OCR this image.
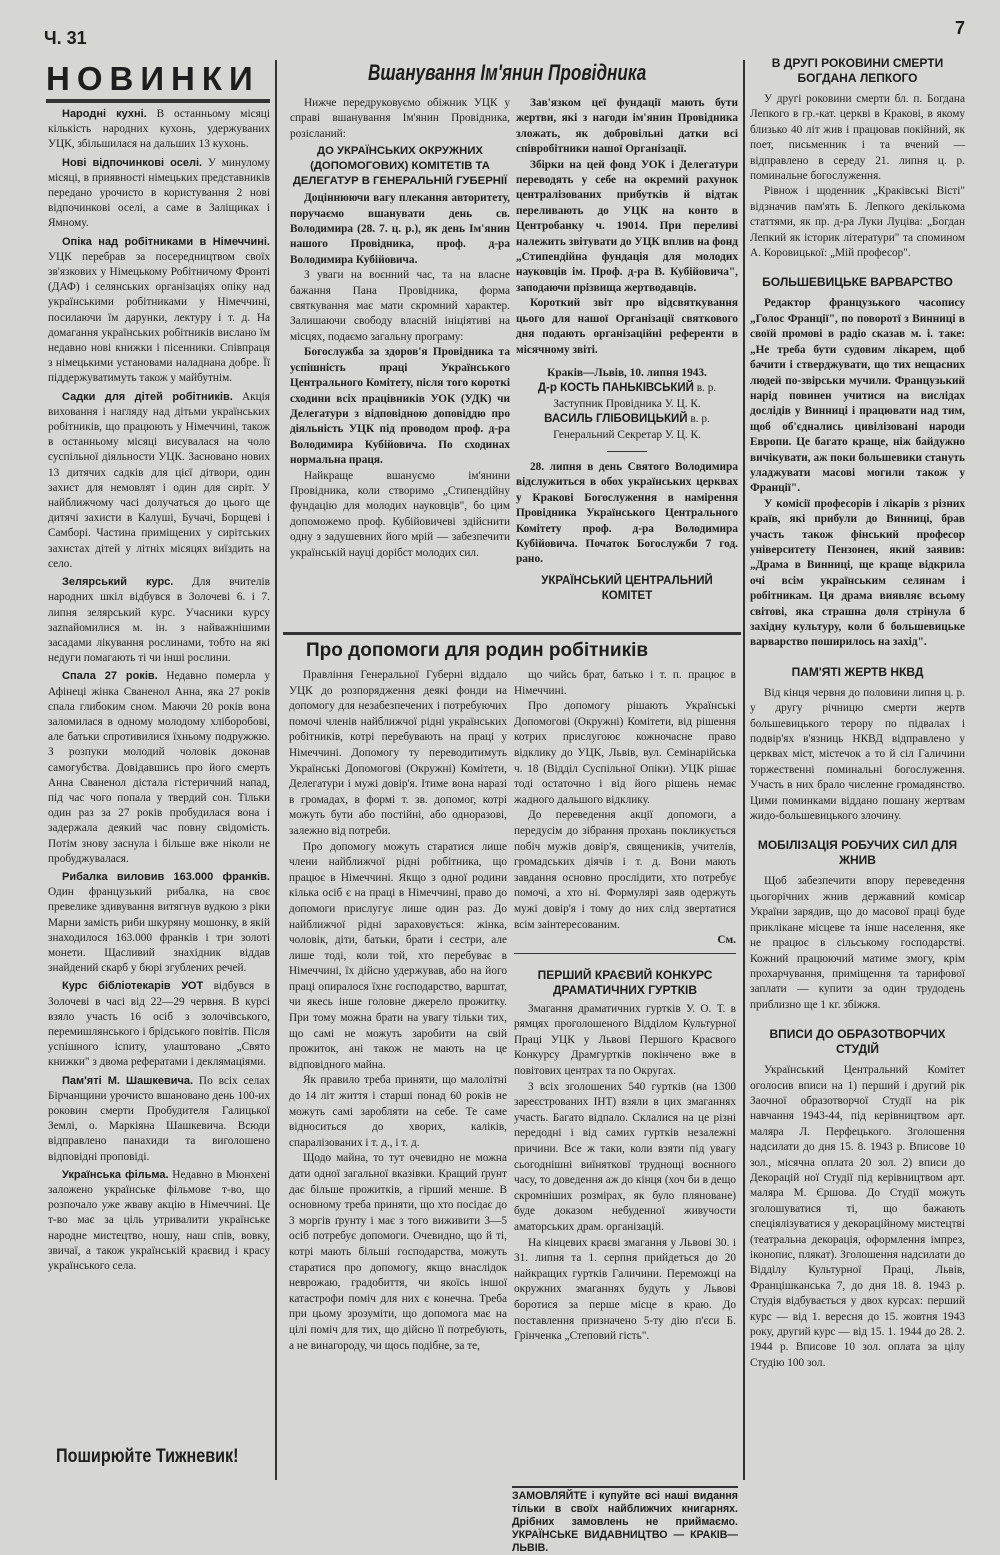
Ч. 31	7
НОВИНКИ

Народні кухні. В останньому місяці кількість народних кухонь, удержуваних УЦК, збільшилася на дальших 13 кухонь.

Нові відпочинкові оселі. У минулому місяці, в приявності німецьких представників передано урочисто в користування 2 нові відпочинкові оселі, а саме в Заліщиках і Ямному.

Опіка над робітниками в Німеччині. УЦК перебрав за посередництвом своїх зв'язкових у Німецькому Робітничому Фронті (ДАФ) і селянських організаціях опіку над українськими робітниками у Німеччині, посилаючи їм дарунки, лектуру і т. д. На домагання українських робітників вислано їм недавно нові книжки і пісенники. Співпраця з німецькими установами наладнана добре. Її піддержуватимуть також у майбутнім.

Садки для дітей робітників. Акція виховання і нагляду над дітьми українських робітників, що працюють у Німеччині, також в останньому місяці висувалася на чоло суспільної діяльности УЦК. Засновано нових 13 дитячих садків для цієї дітвори, один захист для немовлят і один для сиріт. У найближчому часі долучаться до цього ще дитячі захисти в Калуші, Бучачі, Борщеві і Самборі. Частина приміщених у сирітських захистах дітей у літніх місяцях виїздить на село.

Зелярський курс. Для вчителів народних шкіл відбувся в Золочеві 6. і 7. липня зелярський курс. Учасники курсу заznайомилися м. ін. з найважнішими засадами лікування рослинами, тобто на які недуги помагають ті чи інші рослини.

Спала 27 років. Недавно померла у Афінеці жінка Сваненол Анна, яка 27 років спала глибоким сном. Маючи 20 років вона заломилася в одному молодому хліборобові, але батьки спротивилися їхньому подружжю. З розпуки молодий чоловік доконав самогубства. Довідавшись про його смерть Анна Сваненол дістала гістеричний напад, під час чого попала у твердий сон. Тільки один раз за 27 років пробудилася вона і задержала деякий час повну свідомість. Потім знову заснула і більше вже ніколи не пробуджувалася.

Рибалка виловив 163.000 франків. Один французький рибалка, на своє превелике здивування витягнув вудкою з ріки Марни замість риби шкуряну мошонку, в якій знаходилося 163.000 франків і три золоті монети. Щасливий знахідник віддав знайдений скарб у бюрі згублених речей.

Курс бібліотекарів УОТ відбувся в Золочеві в часі від 22—29 червня. В курсі взяло участь 16 осіб з золочівського, перемишлянського і брідського повітів. Після успішного іспиту, улаштовано „Свято книжки" з двома рефератами і деклямаціями.

Пам'яті М. Шашкевича. По всіх селах Бірчанщини урочисто вшановано день 100-их роковин смерти Пробудителя Галицької Землі, о. Маркіяна Шашкевича. Всюди відправлено панахиди та виголошено відповідні проповіді.

Українська фільма. Недавно в Мюнхені заложено українське фільмове т-во, що розпочало уже жваву акцію в Німеччині. Це т-во має за ціль утривалити українське народне мистецтво, ношу, наш спів, вовку, звичаї, а також українській краєвид і красу українського села.

Поширюйте Тижневик!
Вшанування Ім'янин Провідника

Нижче передруковуємо обіжник УЦК у справі вшанування Ім'янин Провідника, розісланий:

ДО УКРАЇНСЬКИХ ОКРУЖНИХ (ДОПОМОГОВИХ) КОМІТЕТІВ ТА ДЕЛЕГАТУР В ГЕНЕРАЛЬНІЙ ГУБЕРНІЇ

Доціннюючи вагу плекання авторитету, поручаємо вшанувати день св. Володимира (28. 7. ц. р.), як день Ім'янин нашого Провідника, проф. д-ра Володимира Кубійовича.

З уваги на воєнний час, та на власне бажання Пана Провідника, форма святкування має мати скромний характер. Залишаючи свободу власній ініціятиві на місцях, подаємо загальну програму:

Богослужба за здоров'я Провідника та успішність праці Українського Центрального Комітету, після того короткі сходини всіх працівників УОК (УДК) чи Делегатури з відповідною доповіддю про діяльність УЦК під проводом проф. д-ра Володимира Кубійовича. По сходинах нормальна праця.

Найкраще вшануємо ім'янини Провідника, коли створимо „Стипендійну фундацію для молодих науковців", бо цим допоможемо проф. Кубійовичеві здійснити одну з задушевних його мрій — забезпечити українській науці дорібст молодих сил.

Зав'язком цеї фундації мають бути жертви, які з нагоди ім'янин Провідника зложать, як добровільні датки всі співробітники нашої Організації.

Збірки на цей фонд УОК і Делегатури переводять у себе на окремий рахунок централізованих прибутків й відтак переливають до УЦК на конто в Центробанку ч. 19014. При переливі належить звітувати до УЦК вплив на фонд „Стипендійна фундація для молодих науковців ім. Проф. д-ра В. Кубійовича", заподаючи прізвища жертводавців.

Короткий звіт про відсвяткування цього для нашої Організації святкового дня подають організаційні референти в місячному звіті.

Краків—Львів, 10. липня 1943.

Д-р КОСТЬ ПАНЬКІВСЬКИЙ в. р.
Заступник Провідника У. Ц. К.
ВАСИЛЬ ГЛІБОВИЦЬКИЙ в. р.
Генеральний Секретар У. Ц. К.

28. липня в день Святого Володимира відслужиться в обох українських церквах у Кракові Богослуження в намірення Провідника Українського Центрального Комітету проф. д-ра Володимира Кубійовича. Початок Богослужби 7 год. рано.

УКРАЇНСЬКИЙ ЦЕНТРАЛЬНИЙ КОМІТЕТ
Про допомоги для родин робітників

Правління Генеральної Губерні віддало УЦК до розпорядження деякі фонди на допомогу для незабезпечених і потребуючих помочі членів найближчої рідні українських робітників, котрі перебувають на праці у Німеччині. Допомогу ту переводитимуть Українські Допомогові (Окружні) Комітети, Делегатури і мужі довір'я. Ітиме вона наразі в громадах, в формі т. зв. допомог, котрі можуть бути або постійні, або одноразові, залежно від потреби.

Про допомогу можуть старатися лише члени найближчої рідні робітника, що працює в Німеччині. Якщо з одної родини кілька осіб є на праці в Німеччині, право до допомоги прислугує лише один раз. До найближчої рідні зараховується: жінка, чоловік, діти, батьки, брати і сестри, але лише тоді, коли той, хто перебуває в Німеччині, їх дійсно удержував, або на його праці опиралося їхнє господарство, варштат, чи якесь інше головне джерело прожитку. При тому можна брати на увагу тільки тих, що самі не можуть заробити на свій прожиток, ані також не мають на це відповідного майна.

Як правило треба приняти, що малолітні до 14 літ життя і старші понад 60 років не можуть самі заробляти на себе. Те саме відноситься до хворих, каліків, спаралізованих і т. д., і т. д.

Щодо майна, то тут очевидно не можна дати одної загальної вказівки. Кращий ґрунт дає більше прожитків, а гірший менше. В основному треба приняти, що хто посідає до 3 моргів ґрунту і має з того виживити 3—5 осіб потребує допомоги. Очевидно, що й ті, котрі мають більші господарства, можуть старатися про допомогу, якщо внаслідок неврожаю, градобиття, чи якоїсь іншої катастрофи поміч для них є конечна. Треба при цьому зрозуміти, що допомога має на цілі поміч для тих, що дійсно її потребують, а не винагороду, чи щось подібне, за те,

що чийсь брат, батько і т. п. працює в Німеччині.

Про допомогу рішають Українські Допомогові (Окружні) Комітети, від рішення котрих прислугоює кожночасне право відклику до УЦК, Львів, вул. Семінарійська ч. 18 (Відділ Суспільної Опіки). УЦК рішає тоді остаточно і від його рішень немає жадного дальшого відклику.

До переведення акції допомоги, а передусім до зібрання прохань покликується побіч мужів довір'я, священиків, учителів, громадських діячів і т. д. Вони мають завдання основно прослідити, хто потребує помочі, а хто ні. Формулярі заяв одержуть мужі довір'я і тому до них слід звертатися всім заінтересованим.

См.

ПЕРШИЙ КРАЄВИЙ КОНКУРС ДРАМАТИЧНИХ ГУРТКІВ

Змагання драматичних гуртків У. О. Т. в рямцях проголошеного Відділом Культурної Праці УЦК у Львові Першого Красвого Конкурсу Драмгуртків покінчено вже в повітових центрах та по Округах.

З всіх зголошених 540 гуртків (на 1300 зареєстрованих ІНТ) взяли в цих змаганнях участь. Багато відпало. Склалися на це різні передодні і від самих гуртків незалежні причини. Все ж таки, коли взяти під увагу сьогоднішні виїнятковї труднощі воєнного часу, то доведення аж до кінця (хоч би в дещо скромніших розмірах, як було пляноване) буде доказом небуденної живучости аматорських драм. організацій.

На кінцевих краєві змагання у Львові 30. і 31. липня та 1. серпня прийдеться до 20 найкращих гуртків Галичини. Переможці на окружних змаганнях будуть у Львові боротися за перше місце в краю. До поставлення призначено 5-ту дію п'єси Б. Грінченка „Степовий гість".

ЗАМОВЛЯЙТЕ і купуйте всі наші видання тільки в своїх найближчих книгарнях. Дрібних замовлень не приймаємо. УКРАЇНСЬКЕ ВИДАВНИЦТВО — КРАКІВ—ЛЬВІВ.
В ДРУГІ РОКОВИНИ СМЕРТИ БОГДАНА ЛЕПКОГО

У другі роковини смерти бл. п. Богдана Лепкого в гр.-кат. церкві в Кракові, в якому близько 40 літ жив і працював покійний, як поет, письменник і та вчений — відправлено в середу 21. липня ц. р. поминальне богослуження.

Рівнож і щоденник „Краківські Вісті" відзначив пам'ять Б. Лепкого декількома статтями, як пр. д-ра Луки Луціва: „Богдан Лепкий як історик літератури" та спомином А. Коровицької: „Мій професор".

БОЛЬШЕВИЦЬКЕ ВАРВАРСТВО

Редактор французького часопису „Голос Франції", по поворотї з Винниці в своїй промові в радіо сказав м. і. таке: „Не треба бути судовим лікарем, щоб бачити і стверджувати, що тих нещасних людей по-звірськи мучили. Французький нарід повинен учитися на вислідах дослідів у Винниці і працювати над тим, щоб об'єднались цивілізовані народи Европи. Це багато краще, ніж байдужно вичікувати, аж поки большевики стануть уладжувати масові могили також у Франції".

У комісії професорів і лікарів з різних країв, які прибули до Винниці, брав участь також фінський професор університету Пензонен, який заявив: „Драма в Винниці, ще краще відкрила очі всім українським селянам і робітникам. Ця драма виявляє всьому світові, яка страшна доля стрінула б західну культуру, коли б большевицьке варварство поширилось на захід".

ПАМ'ЯТІ ЖЕРТВ НКВД

Від кінця червня до половини липня ц. р. у другу річницю смерти жертв большевицького терору по підвалах і подвір'ях в'язниць НКВД відправлено у церквах міст, містечок а то й сіл Галичини торжественні поминальні богослуження. Участь в них брало численне громадянство. Цими поминками віддано пошану жертвам жидо-большевицького злочину.

МОБІЛІЗАЦІЯ РОБУЧИХ СИЛ ДЛЯ ЖНИВ

Щоб забезпечити впору переведення цьогорічних жнив державний комісар України зарядив, що до масової праці буде приклікане місцеве та інше населення, яке не працює в сільському господарстві. Кожний працюючий матиме змогу, крім прохарчування, приміщення та тарифової заплати — купити за один трудодень приблизно ще 1 кг. збіжжя.

ВПИСИ ДО ОБРАЗОТВОРЧИХ СТУДІЙ

Український Центральний Комітет оголосив вписи на 1) перший і другий рік Заочної образотворчої Студії на рік навчання 1943-44, під керівництвом арт. маляра Л. Перфецького. Зголошення надсилати до дня 15. 8. 1943 р. Вписове 10 зол., місячна оплата 20 зол. 2) вписи до Декорацій ної Студії під керівництвом арт. маляра М. Єршова. До Студії можуть зголошуватися ті, що бажають спеціялізуватися у декораційному мистецтві (театральна декорація, оформлення імпрез, іконопис, плякат). Зголошення надсилати до Відділу Культурної Праці, Львів, Францішканська 7, до дня 18. 8. 1943 р. Студія відбувається у двох курсах: перший курс — від 1. вересня до 15. жовтня 1943 року, другий курс — від 15. 1. 1944 до 28. 2. 1944 р. Вписове 10 зол. оплата за цілу Студію 100 зол.
